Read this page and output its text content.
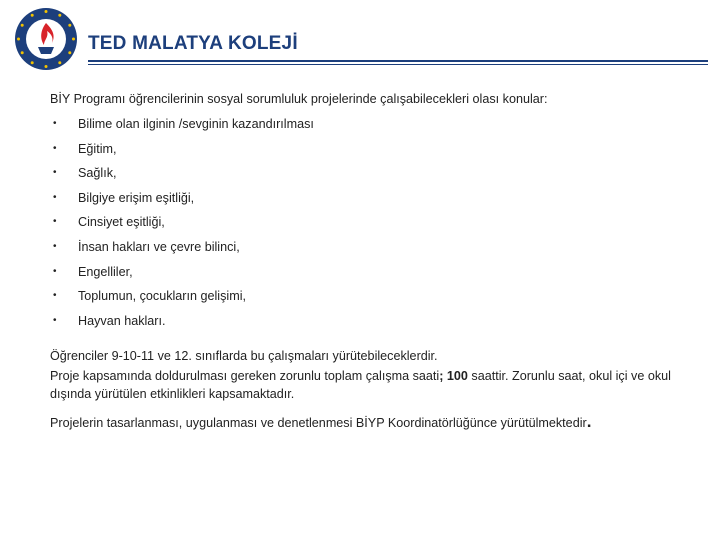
TED MALATYA KOLEJİ

BİY Programı öğrencilerinin sosyal sorumluluk projelerinde çalışabilecekleri olası konular:

• Bilime olan ilginin /sevginin kazandırılması
• Eğitim,
• Sağlık,
• Bilgiye erişim eşitliği,
• Cinsiyet eşitliği,
• İnsan hakları ve çevre bilinci,
• Engelliler,
• Toplumun, çocukların gelişimi,
• Hayvan hakları.

Öğrenciler 9-10-11 ve 12. sınıflarda bu çalışmaları yürütebileceklerdir.

Proje kapsamında doldurulması gereken zorunlu toplam çalışma saati; 100 saattir. Zorunlu saat, okul içi ve okul dışında yürütülen etkinlikleri kapsamaktadır.

Projelerin tasarlanması, uygulanması ve denetlenmesi BİYP Koordinatörlüğünce yürütülmektedir.
